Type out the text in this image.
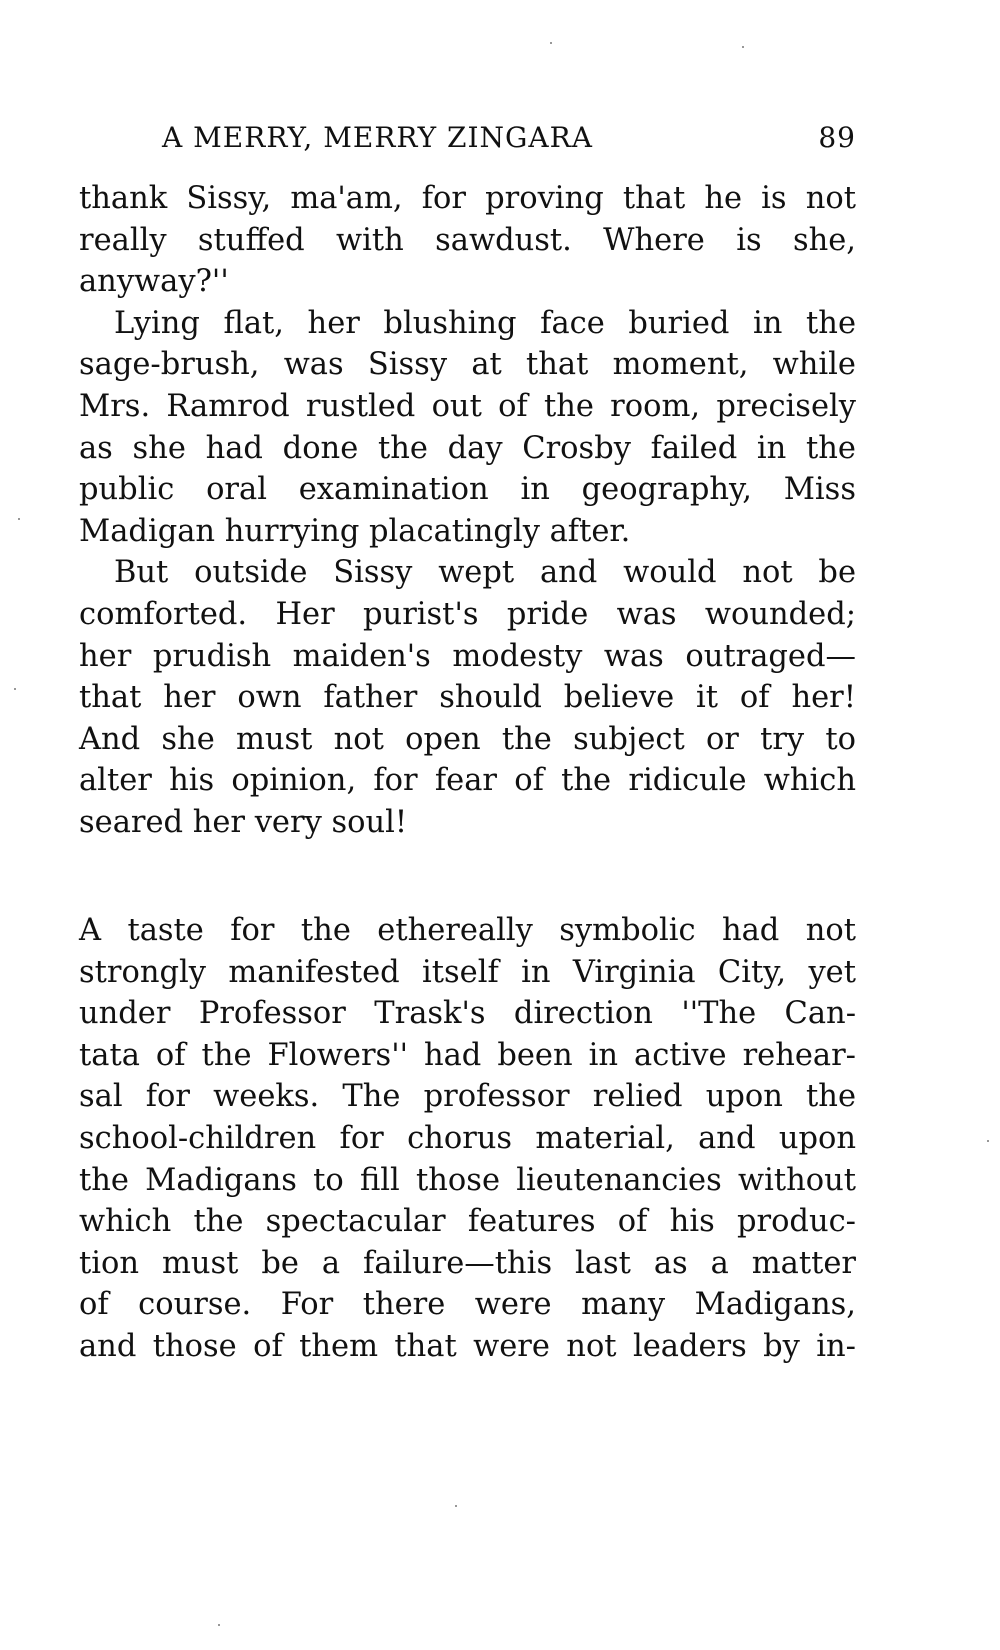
A MERRY, MERRY ZINGARA	89
thank Sissy, ma'am, for proving that he is not
really stuffed with sawdust. Where is she,
anyway?''
Lying flat, her blushing face buried in the
sage-brush, was Sissy at that moment, while
Mrs. Ramrod rustled out of the room, precisely
as she had done the day Crosby failed in the
public oral examination in geography, Miss
Madigan hurrying placatingly after.
But outside Sissy wept and would not be
comforted. Her purist's pride was wounded;
her prudish maiden's modesty was outraged—
that her own father should believe it of her!
And she must not open the subject or try to
alter his opinion, for fear of the ridicule which
seared her very soul!
A taste for the ethereally symbolic had not
strongly manifested itself in Virginia City, yet
under Professor Trask's direction ''The Can-
tata of the Flowers'' had been in active rehear-
sal for weeks. The professor relied upon the
school-children for chorus material, and upon
the Madigans to fill those lieutenancies without
which the spectacular features of his produc-
tion must be a failure—this last as a matter
of course. For there were many Madigans,
and those of them that were not leaders by in-
